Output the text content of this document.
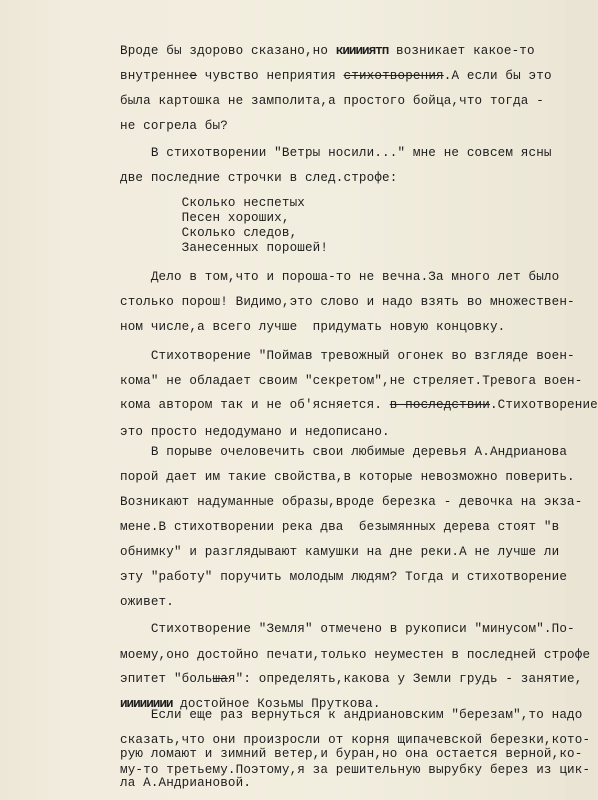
Вроде бы здорово сказано,но кииииятп возникает какое-то
внутреннее чувство неприятия стихотворения.А если бы это
была картошка не замполита,а простого бойца,что тогда -
не согрела бы?
В стихотворении "Ветры носили..." мне не совсем ясны
две последние строчки в след.строфе:
Сколько неспетых
Песен хороших,
Сколько следов,
Занесенных порошей!
Дело в том,что и пороша-то не вечна.За много лет было
столько порош! Видимо,это слово и надо взять во множествен-
ном числе,а всего лучше  придумать новую концовку.
Стихотворение "Поймав тревожный огонек во взгляде воен-
кома" не обладает своим "секретом",не стреляет.Тревога воен-
кома автором так и не об'ясняется. в последствии.Стихотворение
это просто недодумано и недописано.
В порыве очеловечить свои любимые деревья А.Андрианова
порой дает им такие свойства,в которые невозможно поверить.
Возникают надуманные образы,вроде березка - девочка на экза-
мене.В стихотворении река два  безымянных дерева стоят "в
обнимку" и разглядывают камушки на дне реки.А не лучше ли
эту "работу" поручить молодым людям? Тогда и стихотворение
оживет.
Стихотворение "Земля" отмечено в рукописи "минусом".По-
моему,оно достойно печати,только неуместен в последней строфе
эпитет "большая": определять,какова у Земли грудь - занятие,
ииииииии достойное Козьмы Пруткова.
Если еще раз вернуться к андриановским "березам",то надо
сказать,что они произросли от корня щипачевской березки,кото-
рую ломают и зимний ветер,и буран,но она остается верной,ко-
му-то третьему.Поэтому,я за решительную вырубку берез из цик-
ла А.Андриановой.
